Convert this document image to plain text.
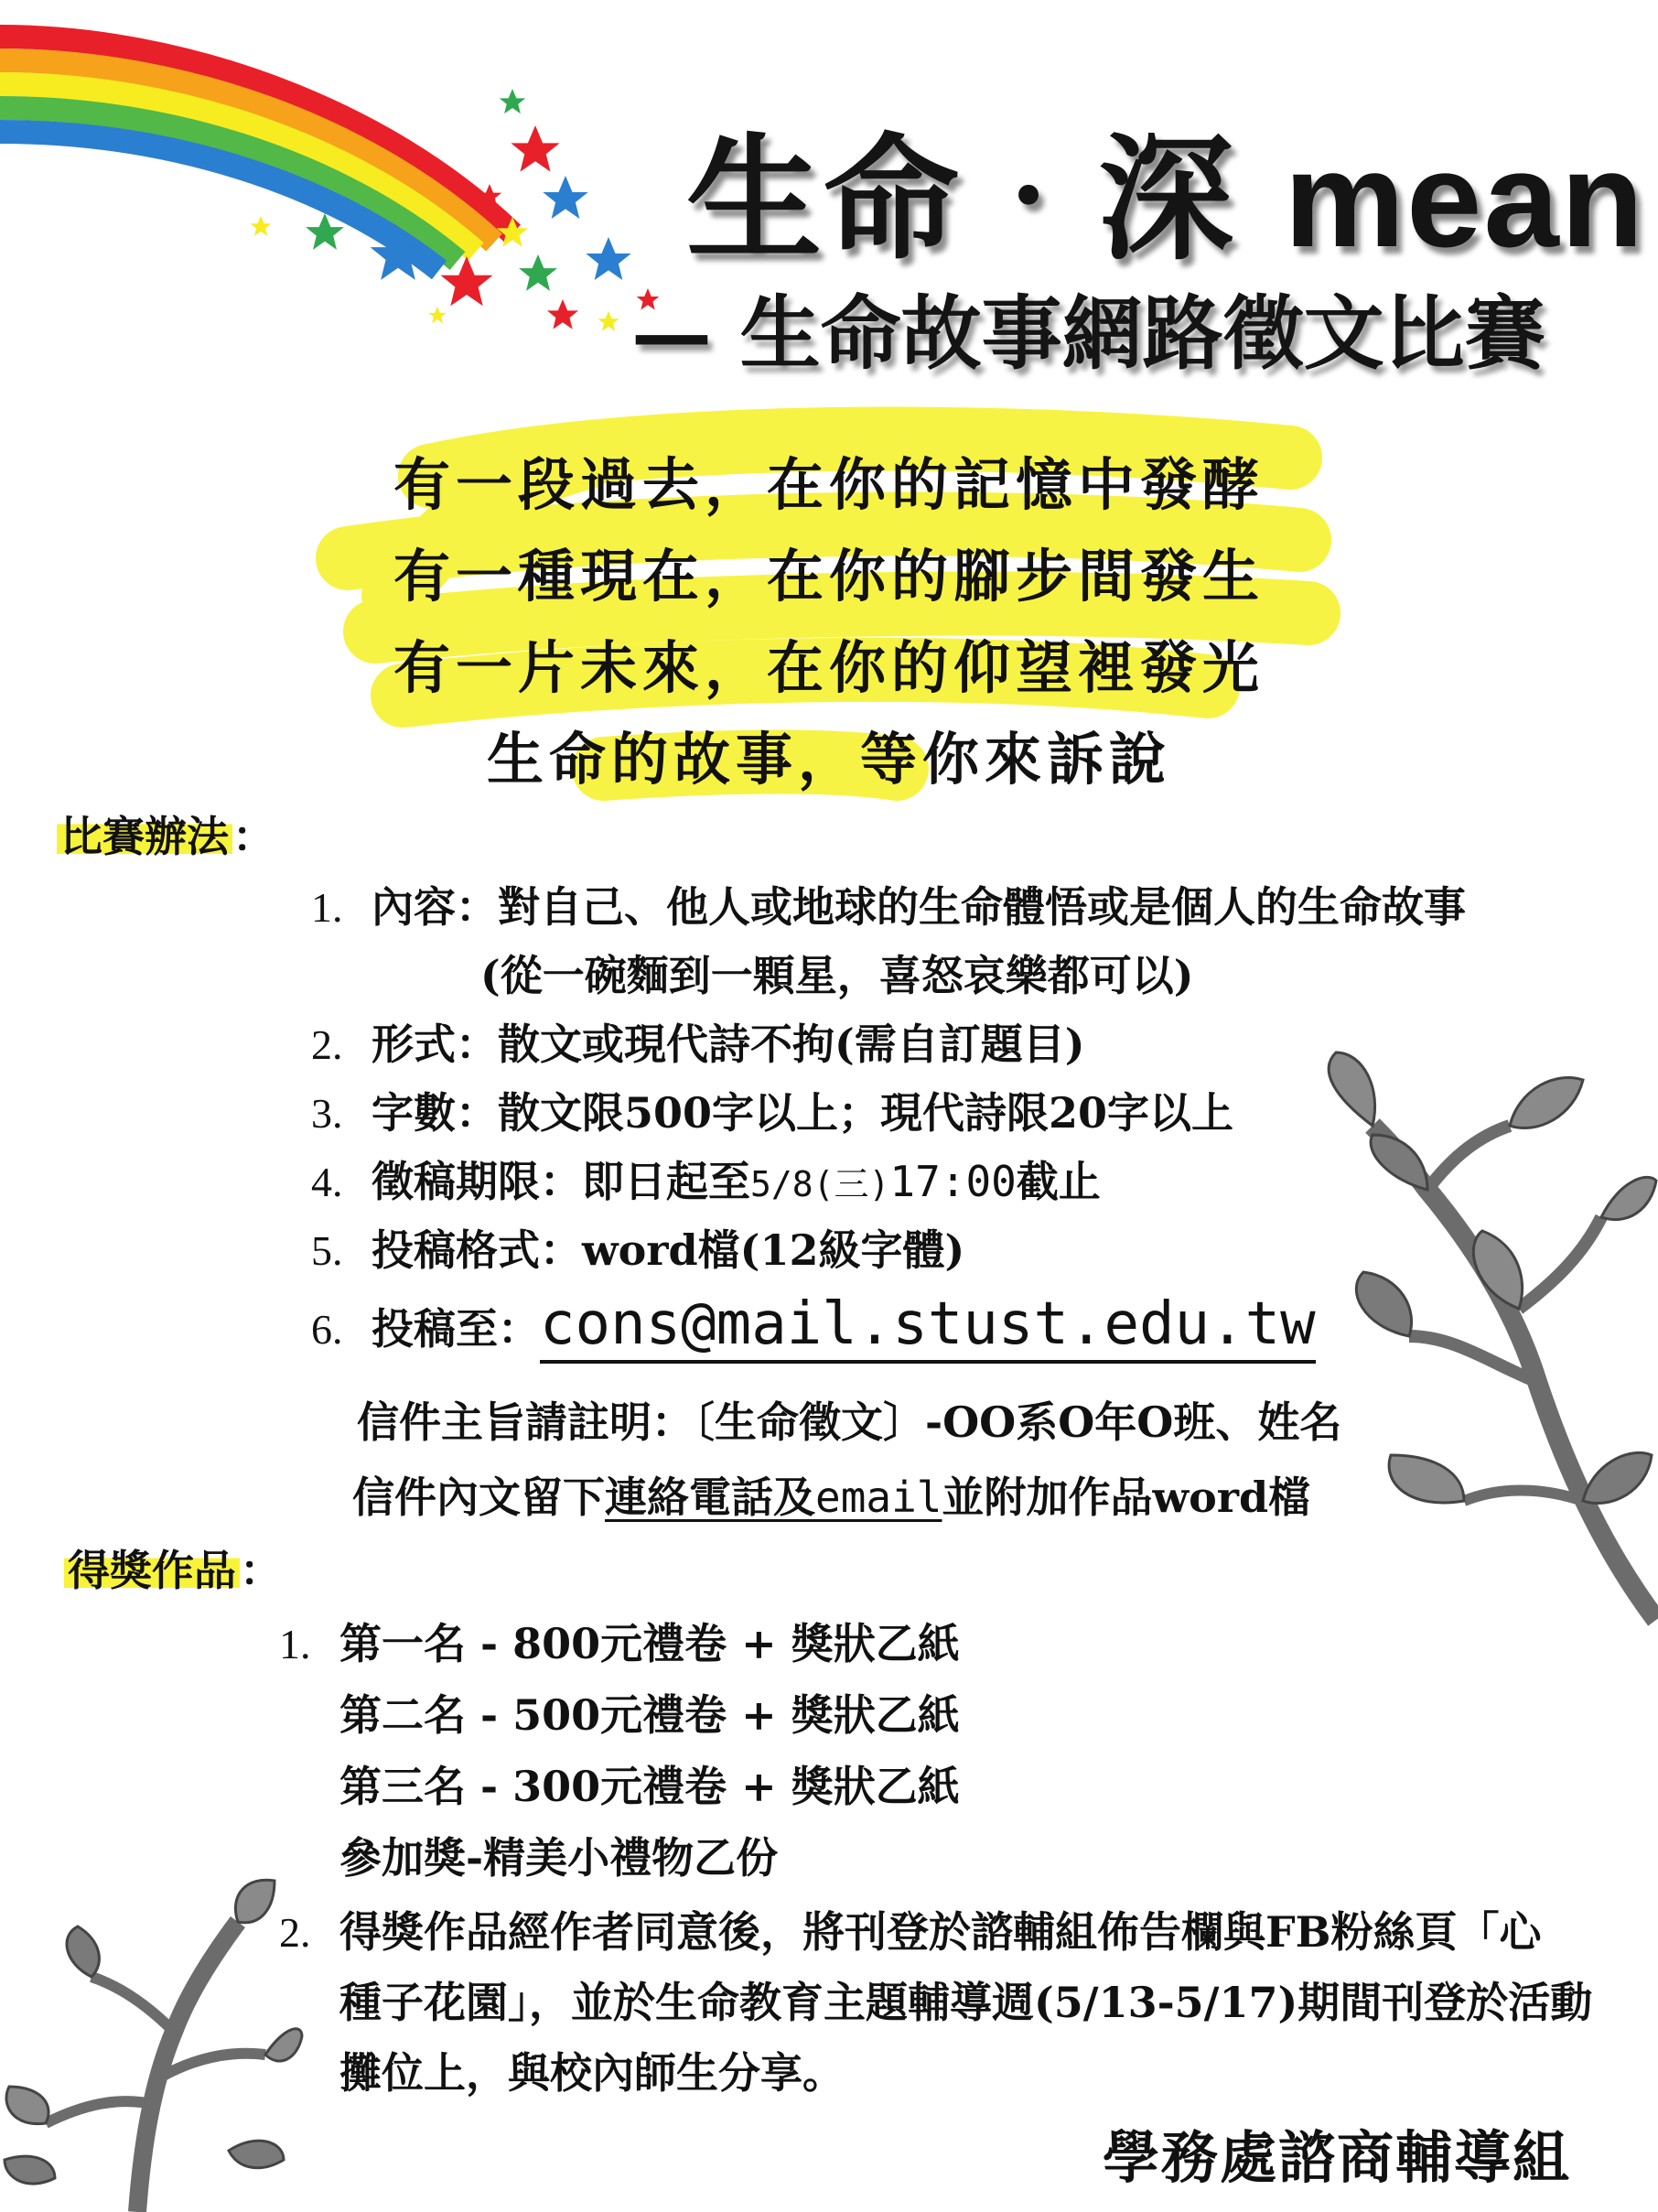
生命‧深 mean
— 生命故事網路徵文比賽
有一段過去，在你的記憶中發酵
有一種現在，在你的腳步間發生
有一片未來，在你的仰望裡發光
生命的故事，等你來訴說
比賽辦法：
1. 內容：對自己、他人或地球的生命體悟或是個人的生命故事
(從一碗麵到一顆星，喜怒哀樂都可以)
2. 形式：散文或現代詩不拘(需自訂題目)
3. 字數：散文限500字以上；現代詩限20字以上
4. 徵稿期限：即日起至5/8(三)17:00截止
5. 投稿格式：word檔(12級字體)
6. 投稿至：cons@mail.stust.edu.tw
信件主旨請註明：〔生命徵文〕-OO系O年O班、姓名
信件內文留下連絡電話及email並附加作品word檔
得獎作品：
1. 第一名 - 800元禮卷 + 獎狀乙紙
第二名 - 500元禮卷 + 獎狀乙紙
第三名 - 300元禮卷 + 獎狀乙紙
參加獎-精美小禮物乙份
2. 得獎作品經作者同意後，將刊登於諮輔組佈告欄與FB粉絲頁「心
種子花園」，並於生命教育主題輔導週(5/13-5/17)期間刊登於活動
攤位上，與校內師生分享。
學務處諮商輔導組
